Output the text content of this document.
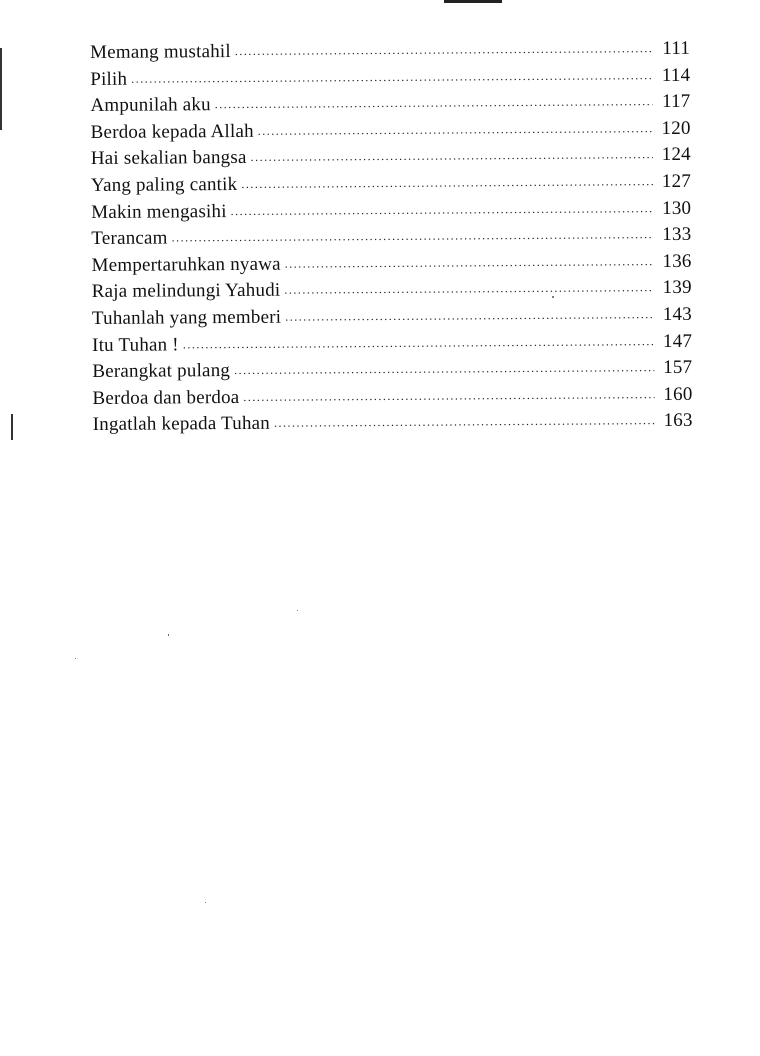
Memang mustahil .....	111
Pilih .....	114
Ampunilah aku .....	117
Berdoa kepada Allah .....	120
Hai sekalian bangsa .....	124
Yang paling cantik .....	127
Makin mengasihi .....	130
Terancam .....	133
Mempertaruhkan nyawa .....	136
Raja melindungi Yahudi .....	139
Tuhanlah yang memberi .....	143
Itu Tuhan ! .....	147
Berangkat pulang .....	157
Berdoa dan berdoa .....	160
Ingatlah kepada Tuhan .....	163
